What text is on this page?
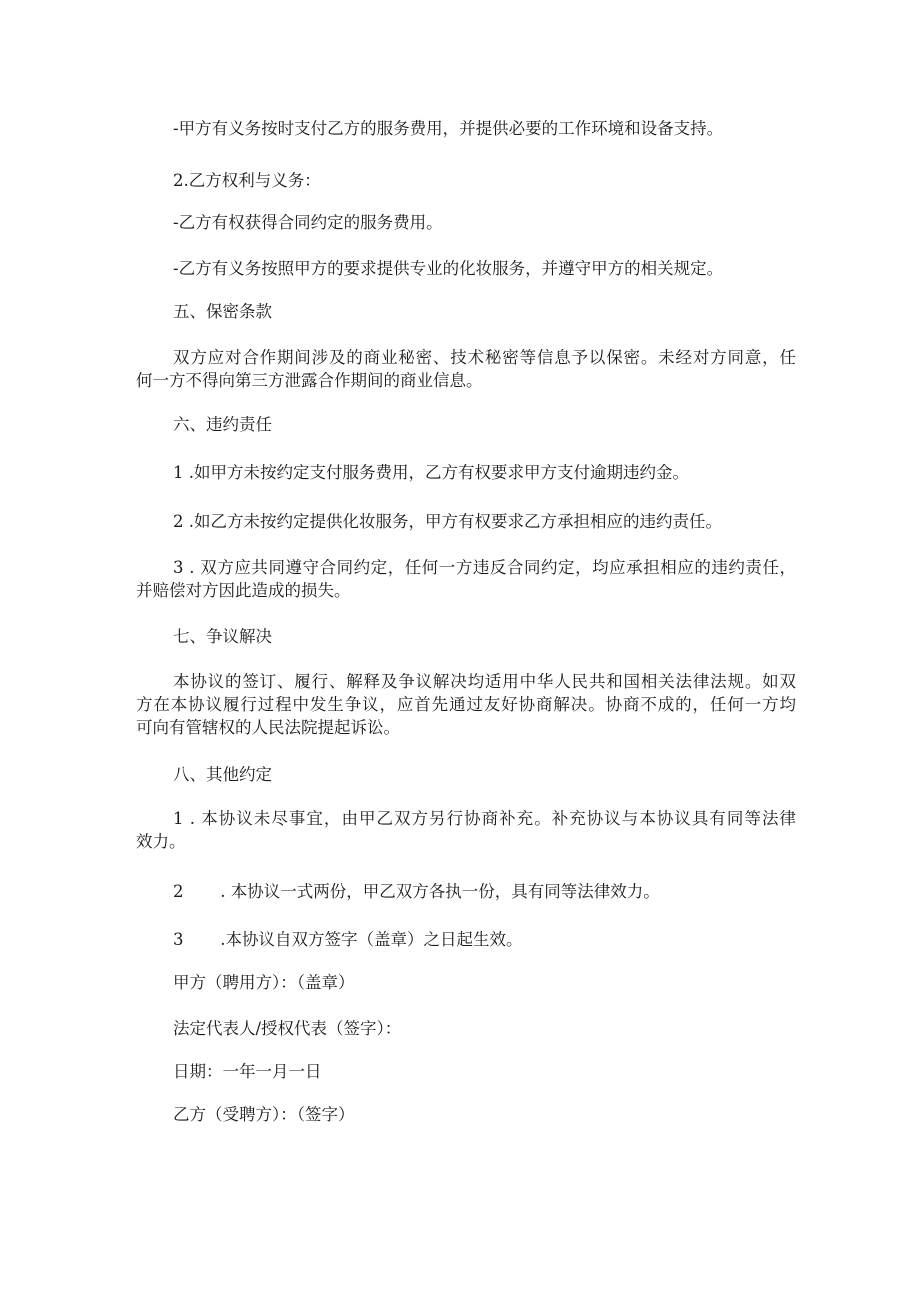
-甲方有义务按时支付乙方的服务费用，并提供必要的工作环境和设备支持。
2.乙方权利与义务：
-乙方有权获得合同约定的服务费用。
-乙方有义务按照甲方的要求提供专业的化妆服务，并遵守甲方的相关规定。
五、保密条款
双方应对合作期间涉及的商业秘密、技术秘密等信息予以保密。未经对方同意，任
何一方不得向第三方泄露合作期间的商业信息。
六、违约责任
1 .如甲方未按约定支付服务费用，乙方有权要求甲方支付逾期违约金。
2 .如乙方未按约定提供化妆服务，甲方有权要求乙方承担相应的违约责任。
3 . 双方应共同遵守合同约定，任何一方违反合同约定，均应承担相应的违约责任，
并赔偿对方因此造成的损失。
七、争议解决
本协议的签订、履行、解释及争议解决均适用中华人民共和国相关法律法规。如双
方在本协议履行过程中发生争议，应首先通过友好协商解决。协商不成的，任何一方均
可向有管辖权的人民法院提起诉讼。
八、其他约定
1 . 本协议未尽事宜，由甲乙双方另行协商补充。补充协议与本协议具有同等法律
效力。
2       . 本协议一式两份，甲乙双方各执一份，具有同等法律效力。
3       .本协议自双方签字（盖章）之日起生效。
甲方（聘用方）：（盖章）
法定代表人/授权代表（签字）：
日期：一年一月一日
乙方（受聘方）：（签字）
